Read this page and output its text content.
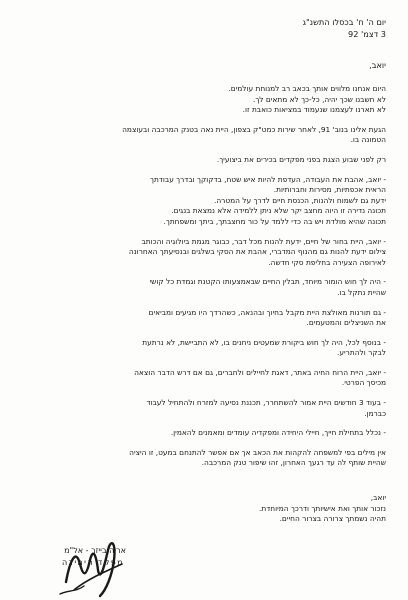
יום ה' ח' בכסלו התשנ"ג
3 דצמ' 92
יואב,
היום אנחנו מלווים אותך בכאב רב למנוחת עולמים.
לא חשבנו שכך יהיה, כל-כך לא מתאים לך.
לא תארנו לעצמנו שנעמוד במציאות כואבת זו.
הגעת אלינו בנוב' 91, לאחר שירות כמט"ק בצפון, היית נאה בטנק המרכבה ובעוצמה
הטמונה בו.
רק לפני שבוע הצגת בפני מפקדים בכירים את ביצועיך.
- יואב, אהבת את העבודה, העדפת להיות איש שטח, בדקוקך ובדרך עבודתך
הראית אכפתיות, מסירות וחברותיות.
ידעת גם לשמוח ולהנות, הכנסת חיים לדרך על המטרה.
תכונה נדירה זו היוה מחצב יקר שלא ניתן ללמידה אלא נמצאת בנגים.
תכונה שהיא מולדת ויש בה כדי ללמד על כור מחצבתך, ביתך ומשפחתך.
- יואב, היית בחור של חיים, ידעת להנות מכל דבר, כבוגר מגמת ביולוגיה והכותב
צילום ידעת להנות גם מהנוף המדברי, אהבת את הסקי בשלגים ובנסיעתך האחרונה
לאירופה הצעירה בחליפת סקי חדשה.
- היה לך חוש הומור מיוחד, תבלין החיים שבאמצעותו הקטנת וגמדת כל קושי
שהיית נתקל בו.
- גם תורנות מאולצת היית מקבל בחיוך ובהנאה, כשהרדך היו מגיעים ומביאים
את השניצלים והמטעמים.
- בנוסף לכל, היה לך חוש ביקורת שמעטים ניחנים בו, לא התביישת, לא נרתעת
לבקר ולהתריע.
- יואב, היית הרוח החיה באתר, דאגת לחיילים ולחברים, גם אם דרש הדבר הוצאה
מכיסך הפרטי.
- בעוד 3 חודשים היית אמור להשתחרר, תכננת נסיעה למזרח ולהתחיל לעבוד
כברמן.
- נכלל בתחילת חייך, חיילי היחידה ומפקדיה עומדים ומאמנים להאמין.
אין מילים בפי למשפחה להקהות את הכאב אך אם אפשר להתנחם במעט, זו היציה
שהיית שותף לה עד רגעך האחרון, זהו שיפור טנק המרכבה.
יואב,
נזכור אותך ואת אישיותך ודרכך המיוחדת.
תהיה נשמתך צרורה בצרור החיים.
אריה בייזר - אל"מ
מפקד היחידה
